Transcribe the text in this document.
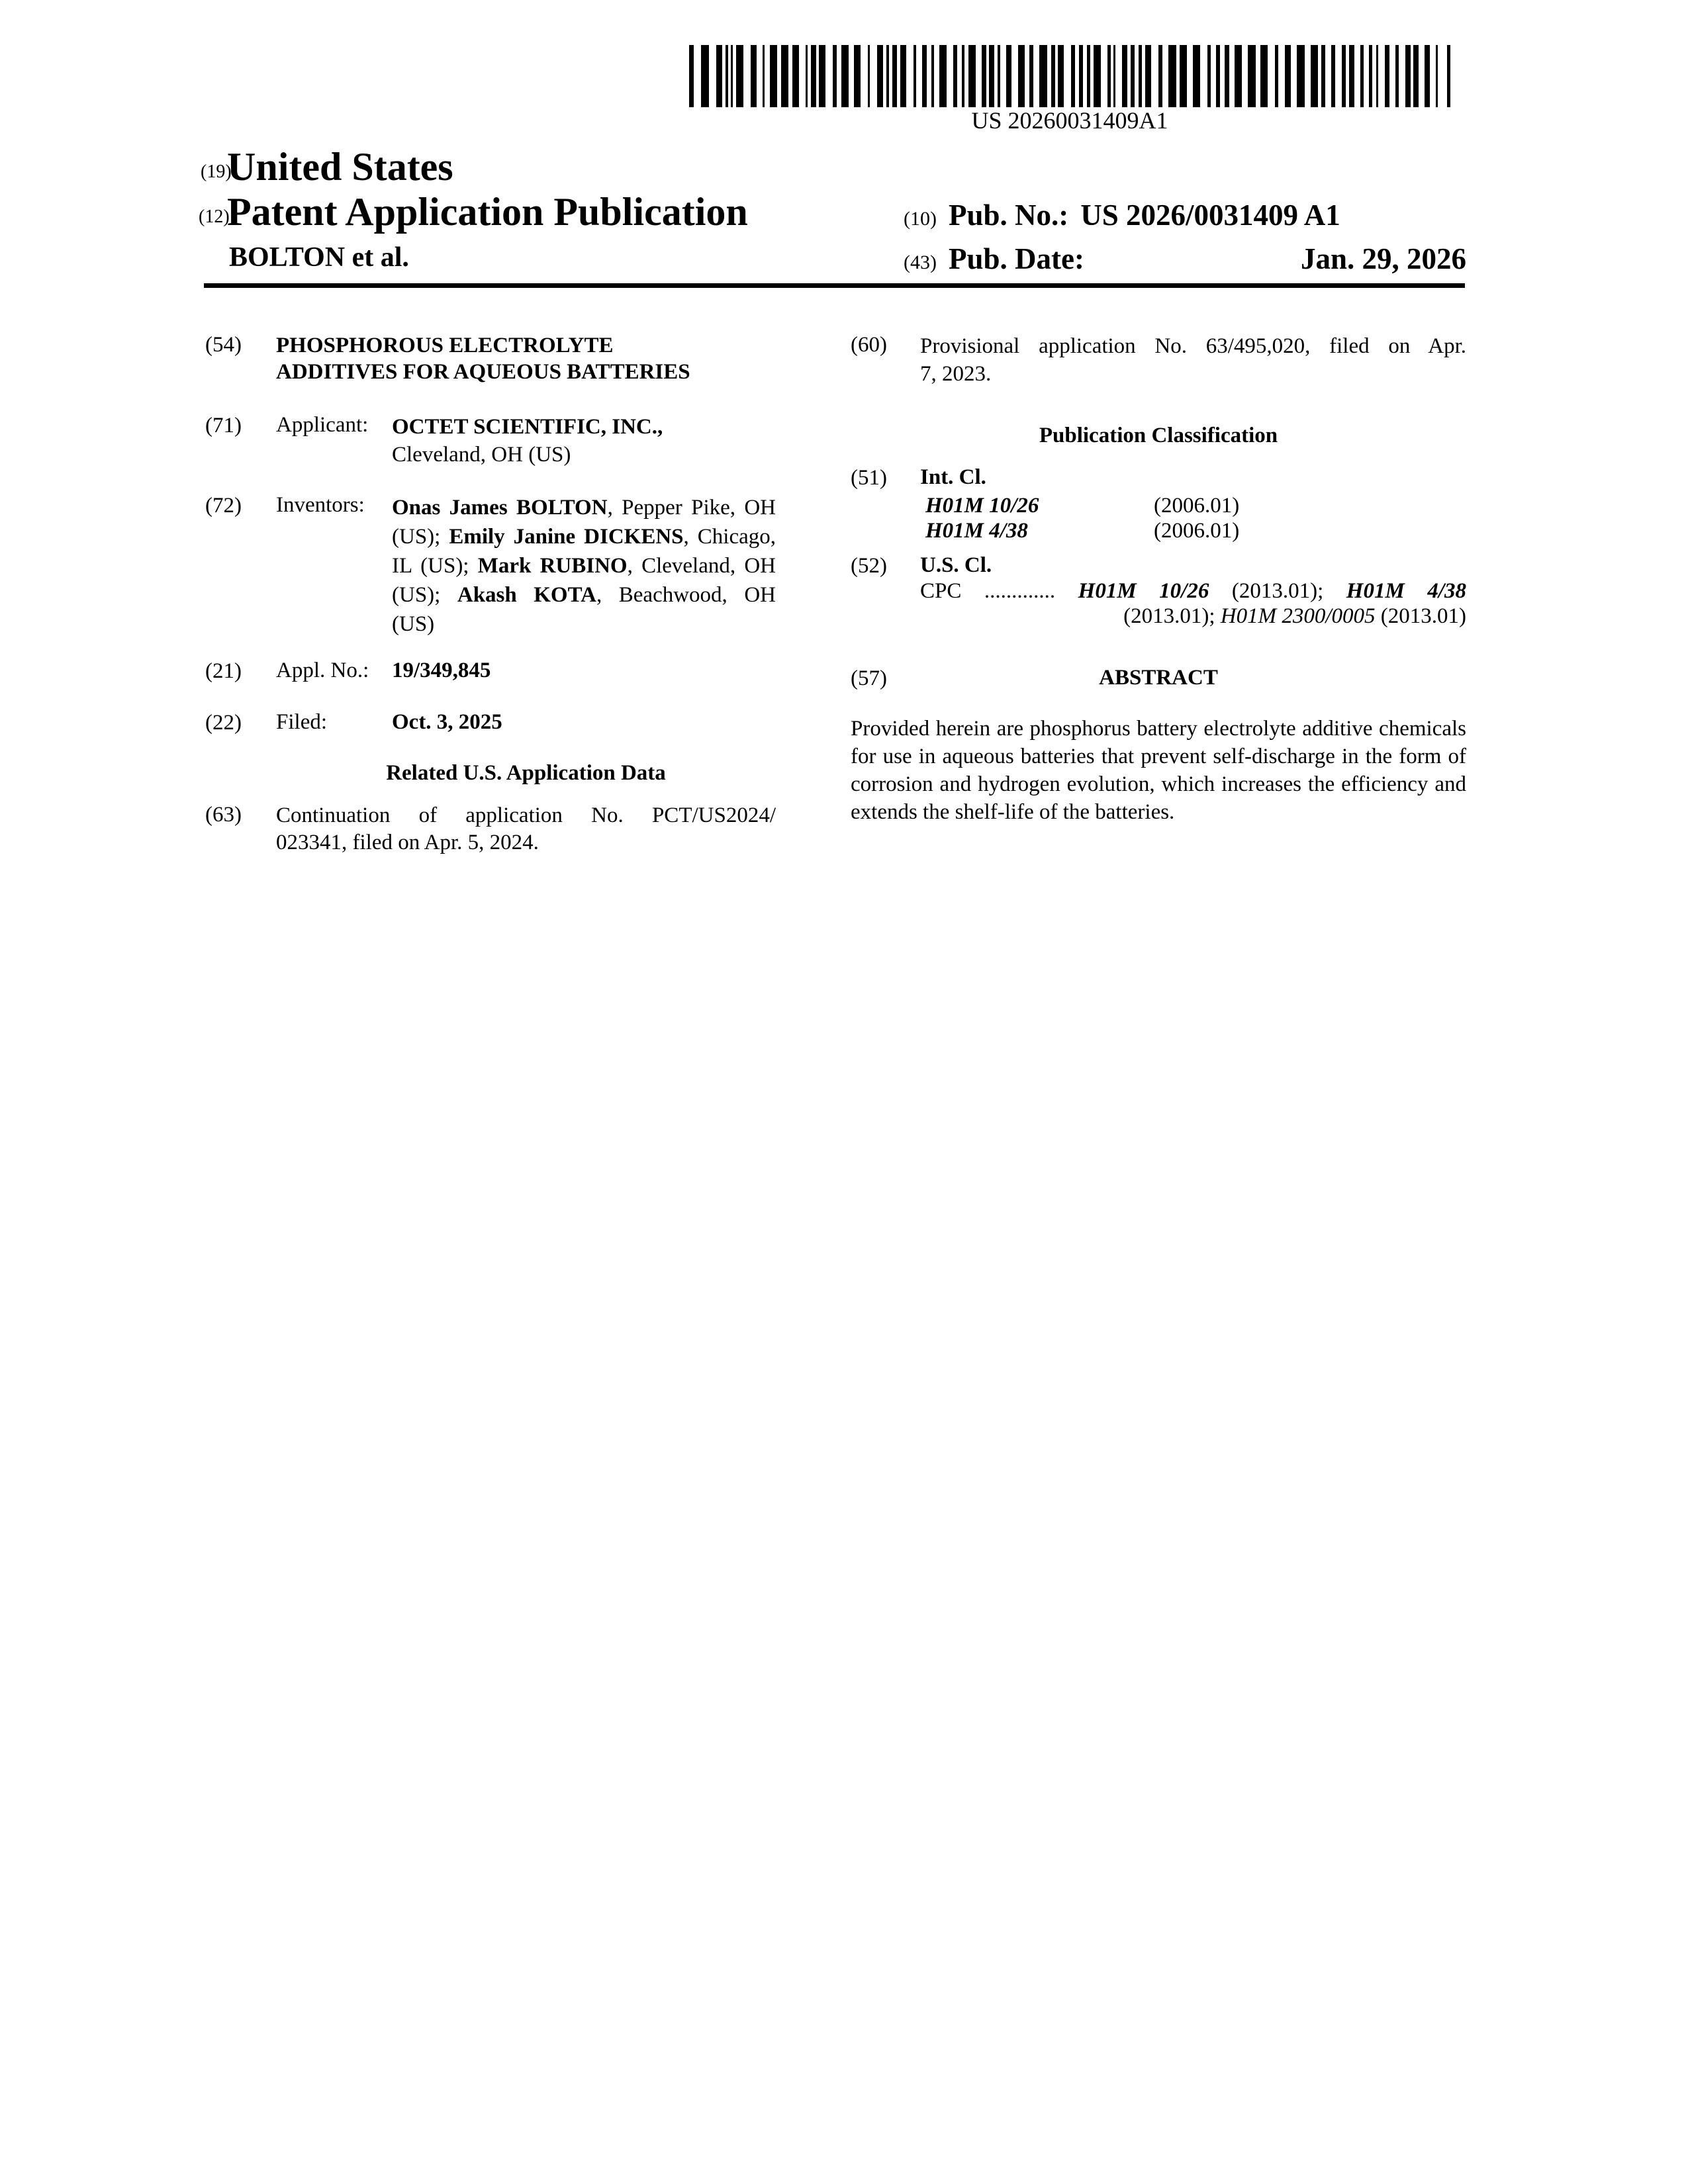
US 20260031409A1
(19)
United States
(12)
Patent Application Publication
BOLTON et al.
(10) Pub. No.: US 2026/0031409 A1
(43) Pub. Date:	Jan. 29, 2026
(54) PHOSPHOROUS ELECTROLYTE
ADDITIVES FOR AQUEOUS BATTERIES
(71) Applicant: OCTET SCIENTIFIC, INC.,
Cleveland, OH (US)
(72) Inventors: Onas James BOLTON, Pepper Pike, OH (US); Emily Janine DICKENS, Chicago, IL (US); Mark RUBINO, Cleveland, OH (US); Akash KOTA, Beachwood, OH (US)
(21) Appl. No.: 19/349,845
(22) Filed:	Oct. 3, 2025
Related U.S. Application Data
(63) Continuation of application No. PCT/US2024/
023341, filed on Apr. 5, 2024.
(60) Provisional application No. 63/495,020, filed on Apr.
7, 2023.
Publication Classification
(51) Int. Cl.
H01M 10/26	(2006.01)
H01M 4/38	(2006.01)
(52) U.S. Cl.
CPC ............. H01M 10/26 (2013.01); H01M 4/38
(2013.01); H01M 2300/0005 (2013.01)
(57)	ABSTRACT
Provided herein are phosphorus battery electrolyte additive chemicals for use in aqueous batteries that prevent self-discharge in the form of corrosion and hydrogen evolution, which increases the efficiency and extends the shelf-life of the batteries.
